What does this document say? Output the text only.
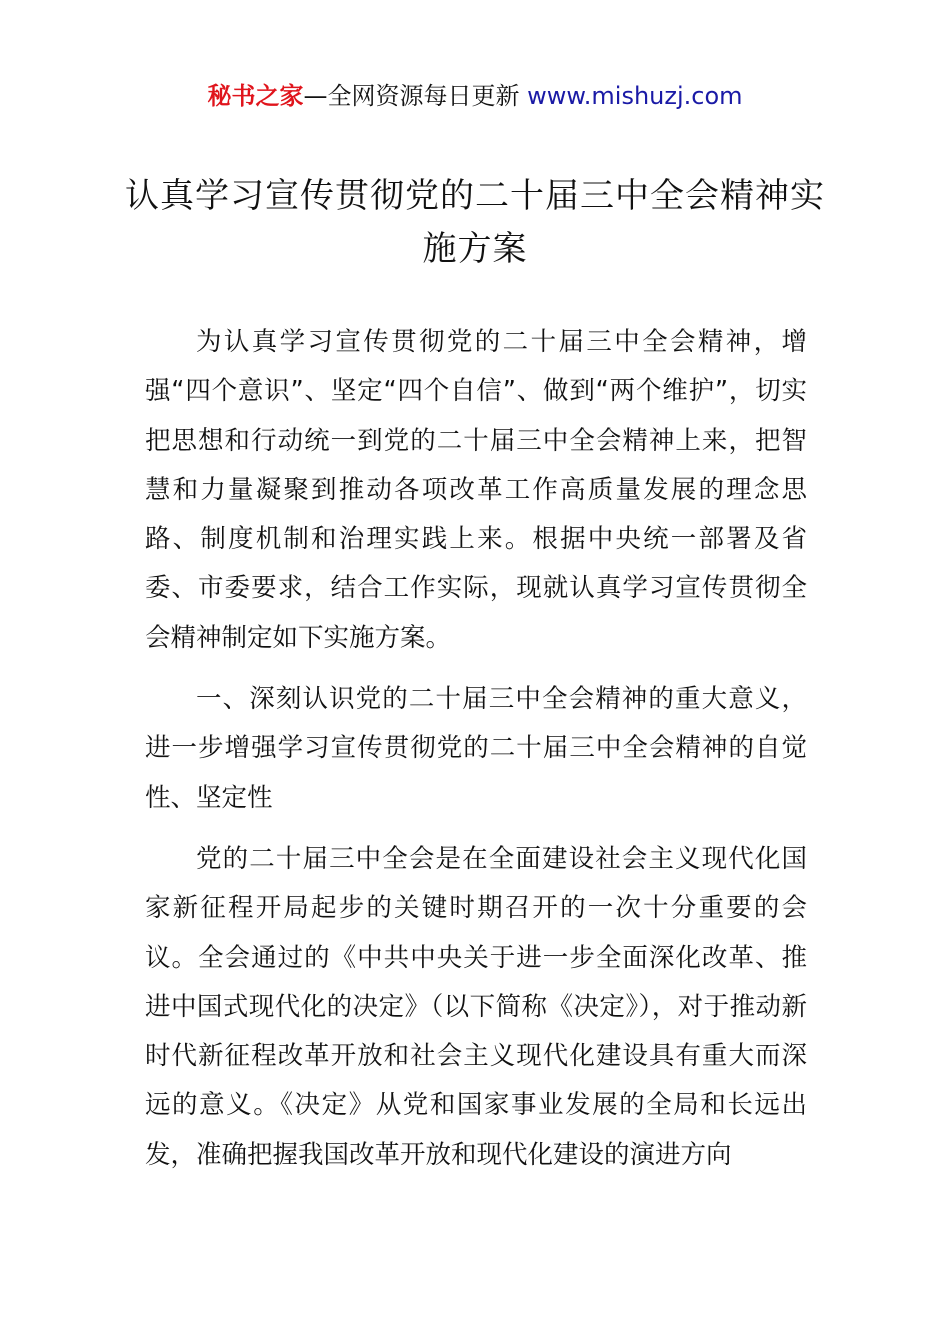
秘书之家—全网资源每日更新 www.mishuzj.com
认真学习宣传贯彻党的二十届三中全会精神实施方案

为认真学习宣传贯彻党的二十届三中全会精神，增强“四个意识”、坚定“四个自信”、做到“两个维护”，切实把思想和行动统一到党的二十届三中全会精神上来，把智慧和力量凝聚到推动各项改革工作高质量发展的理念思路、制度机制和治理实践上来。根据中央统一部署及省委、市委要求，结合工作实际，现就认真学习宣传贯彻全会精神制定如下实施方案。

一、深刻认识党的二十届三中全会精神的重大意义，进一步增强学习宣传贯彻党的二十届三中全会精神的自觉性、坚定性

党的二十届三中全会是在全面建设社会主义现代化国家新征程开局起步的关键时期召开的一次十分重要的会议。全会通过的《中共中央关于进一步全面深化改革、推进中国式现代化的决定》（以下简称《决定》），对于推动新时代新征程改革开放和社会主义现代化建设具有重大而深远的意义。《决定》从党和国家事业发展的全局和长远出发，准确把握我国改革开放和现代化建设的演进方向
